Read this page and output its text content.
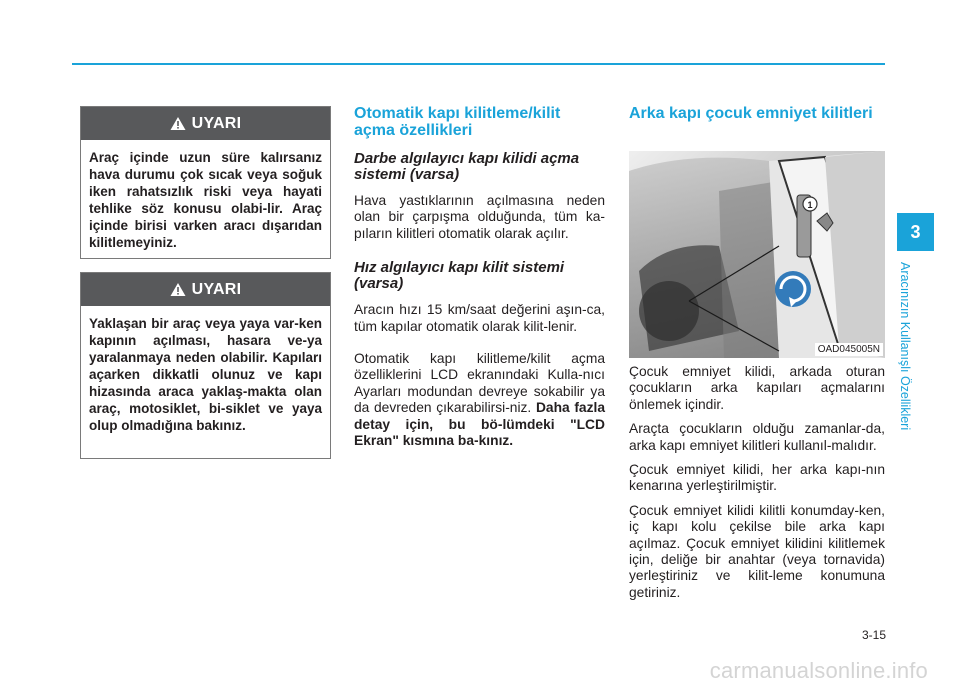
UYARI
Araç içinde uzun süre kalırsanız hava durumu çok sıcak veya soğuk iken rahatsızlık riski veya hayati tehlike söz konusu olabi-lir. Araç içinde birisi varken aracı dışarıdan kilitlemeyiniz.
UYARI
Yaklaşan bir araç veya yaya var-ken kapının açılması, hasara ve-ya yaralanmaya neden olabilir. Kapıları açarken dikkatli olunuz ve kapı hizasında araca yaklaş-makta olan araç, motosiklet, bi-siklet ve yaya olup olmadığına bakınız.
Otomatik kapı kilitleme/kilit açma özellikleri
Darbe algılayıcı kapı kilidi açma sistemi (varsa)

Hava yastıklarının açılmasına neden olan bir çarpışma olduğunda, tüm ka-pıların kilitleri otomatik olarak açılır.

Hız algılayıcı kapı kilit sistemi (varsa)

Aracın hızı 15 km/saat değerini aşın-ca, tüm kapılar otomatik olarak kilit-lenir.

Otomatik kapı kilitleme/kilit açma özelliklerini LCD ekranındaki Kulla-nıcı Ayarları modundan devreye sokabilir ya da devreden çıkarabilirsi-niz. Daha fazla detay için, bu bö-lümdeki "LCD Ekran" kısmına ba-kınız.

Arka kapı çocuk emniyet kilitleri
1
OAD045005N

Çocuk emniyet kilidi, arkada oturan çocukların arka kapıları açmalarını önlemek içindir.

Araçta çocukların olduğu zamanlar-da, arka kapı emniyet kilitleri kullanıl-malıdır.

Çocuk emniyet kilidi, her arka kapı-nın kenarına yerleştirilmiştir.

Çocuk emniyet kilidi kilitli konumday-ken, iç kapı kolu çekilse bile arka kapı açılmaz. Çocuk emniyet kilidini kilitlemek için, deliğe bir anahtar (veya tornavida) yerleştiriniz ve kilit-leme konumuna getiriniz.

3
Aracınızın Kullanışlı Özellikleri
3-15
carmanualsonline.info
